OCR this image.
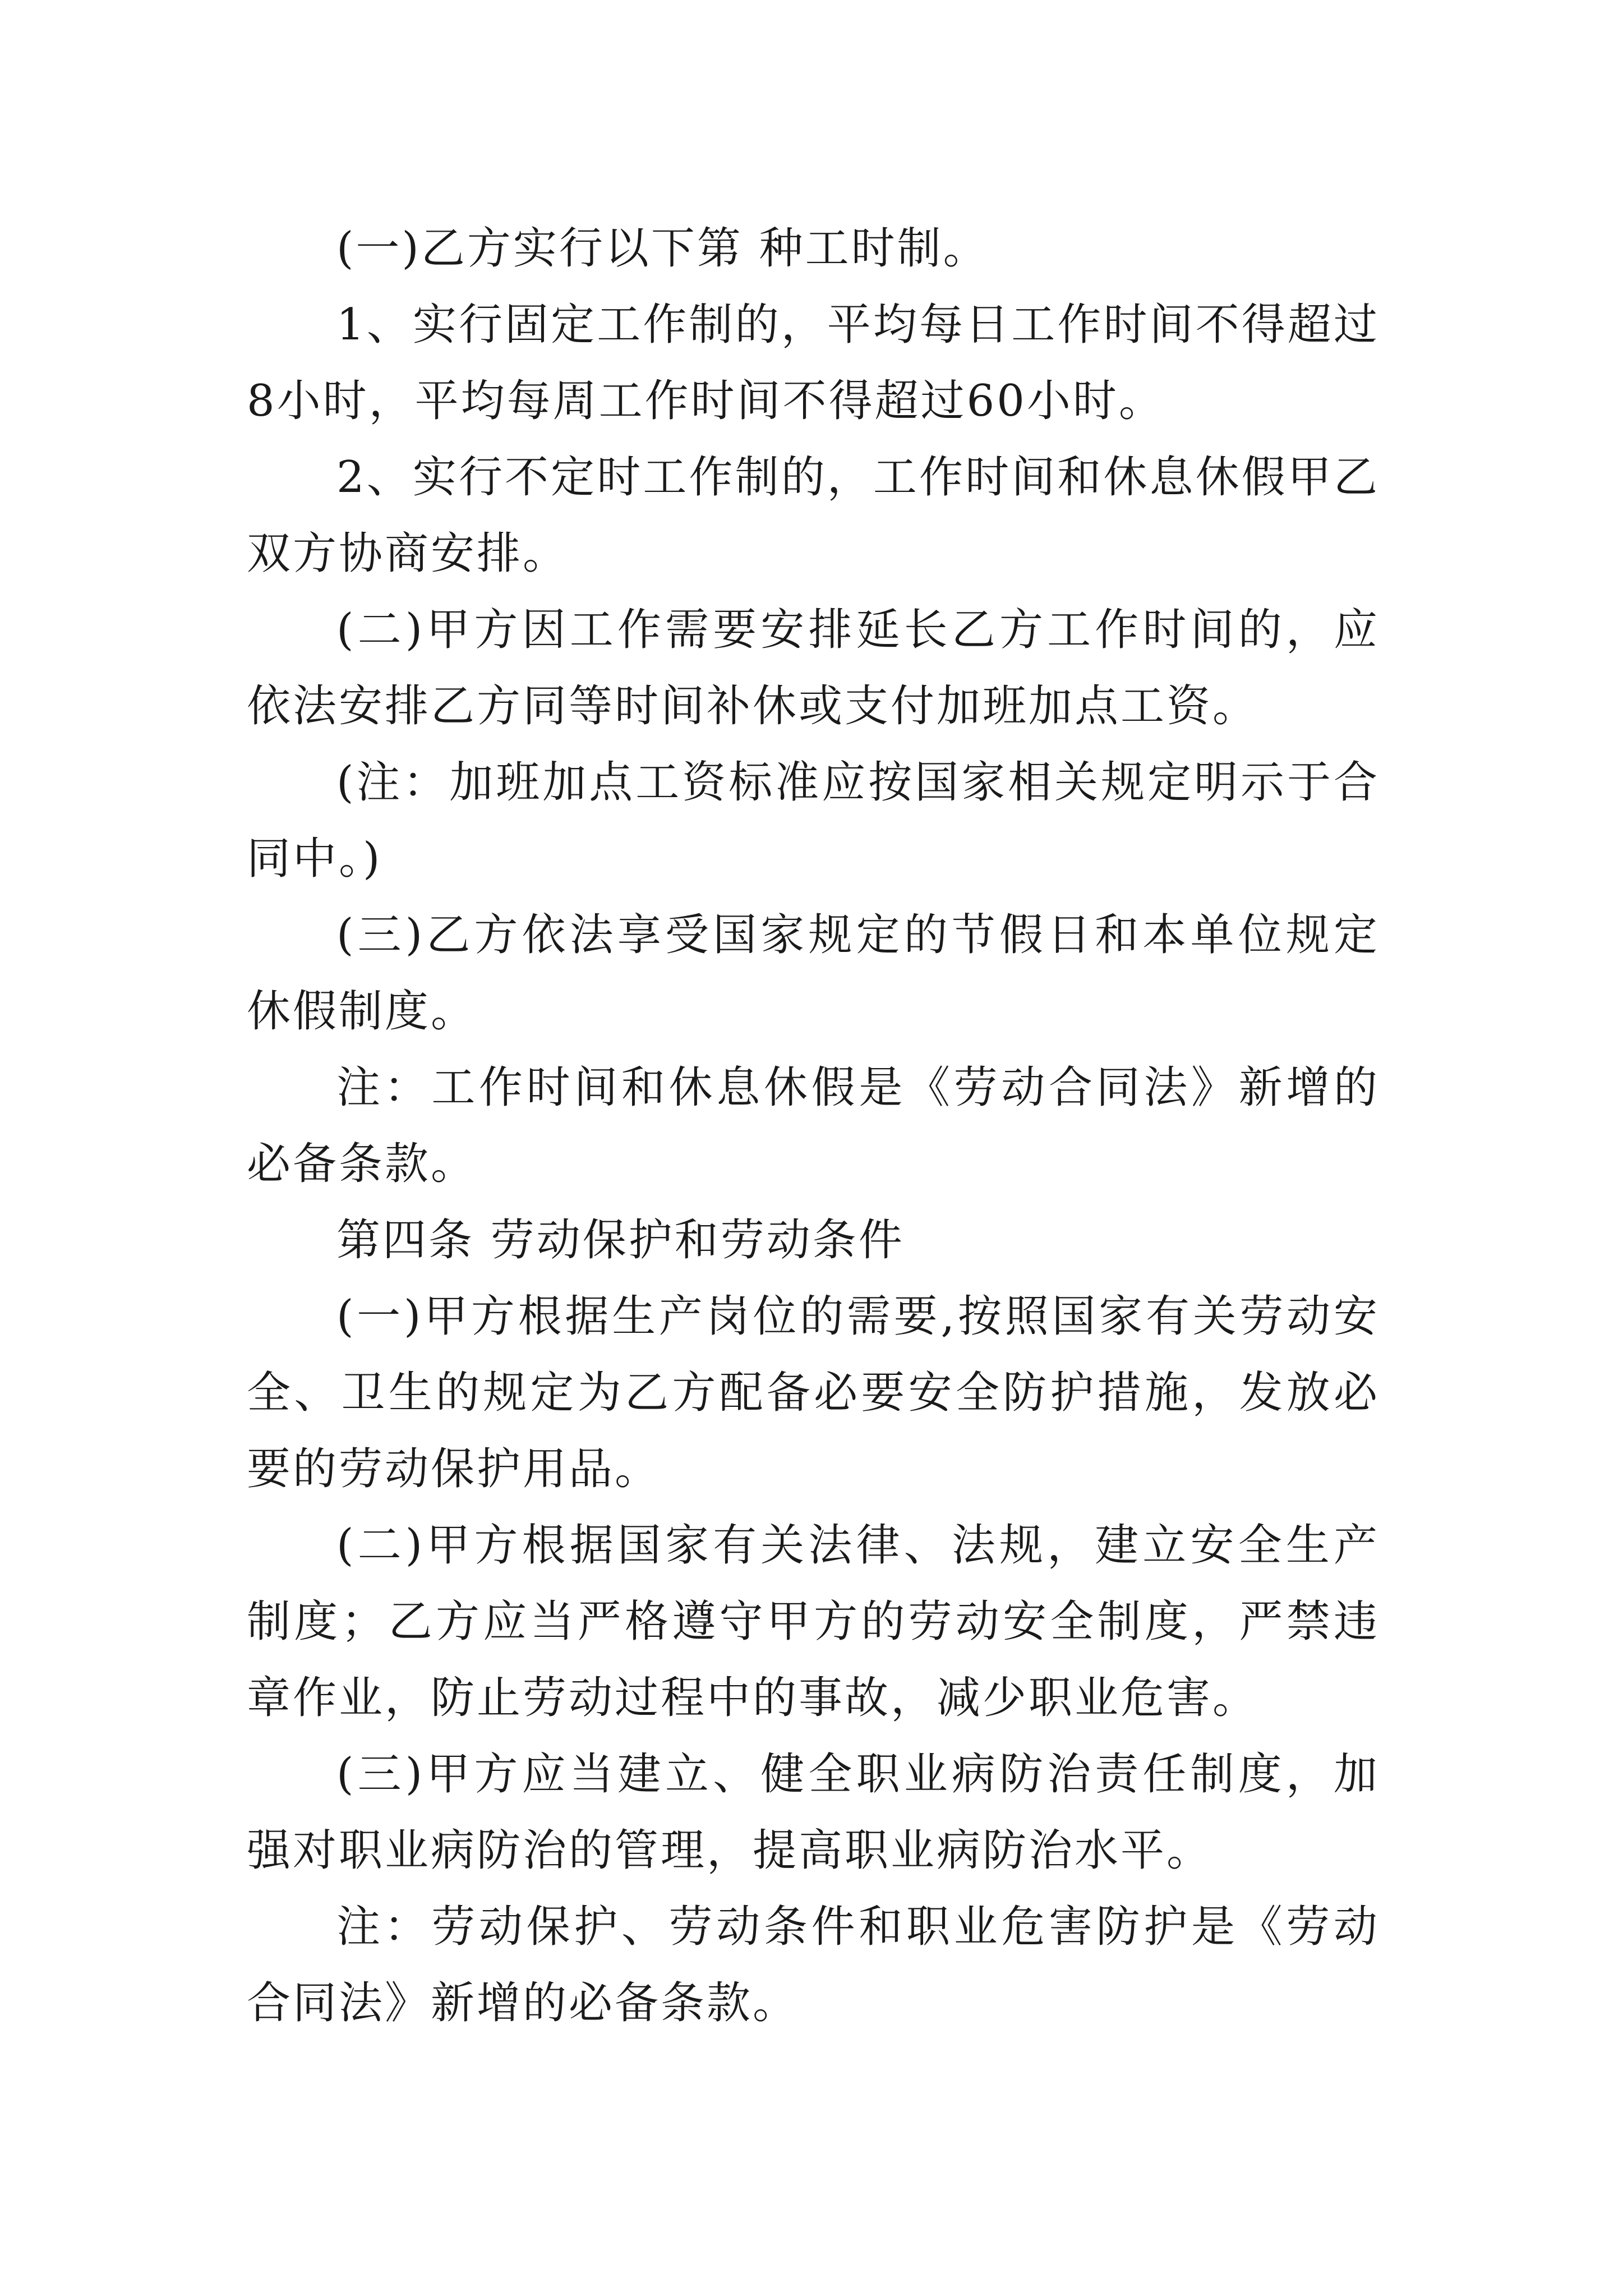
(一)乙方实行以下第 种工时制。

1、实行固定工作制的，平均每日工作时间不得超过8小时，平均每周工作时间不得超过60小时。

2、实行不定时工作制的，工作时间和休息休假甲乙双方协商安排。

(二)甲方因工作需要安排延长乙方工作时间的，应依法安排乙方同等时间补休或支付加班加点工资。

(注：加班加点工资标准应按国家相关规定明示于合同中。)

(三)乙方依法享受国家规定的节假日和本单位规定休假制度。

注：工作时间和休息休假是《劳动合同法》新增的必备条款。

第四条 劳动保护和劳动条件

(一)甲方根据生产岗位的需要,按照国家有关劳动安全、卫生的规定为乙方配备必要安全防护措施，发放必要的劳动保护用品。

(二)甲方根据国家有关法律、法规，建立安全生产制度；乙方应当严格遵守甲方的劳动安全制度，严禁违章作业，防止劳动过程中的事故，减少职业危害。

(三)甲方应当建立、健全职业病防治责任制度，加强对职业病防治的管理，提高职业病防治水平。

注：劳动保护、劳动条件和职业危害防护是《劳动合同法》新增的必备条款。
